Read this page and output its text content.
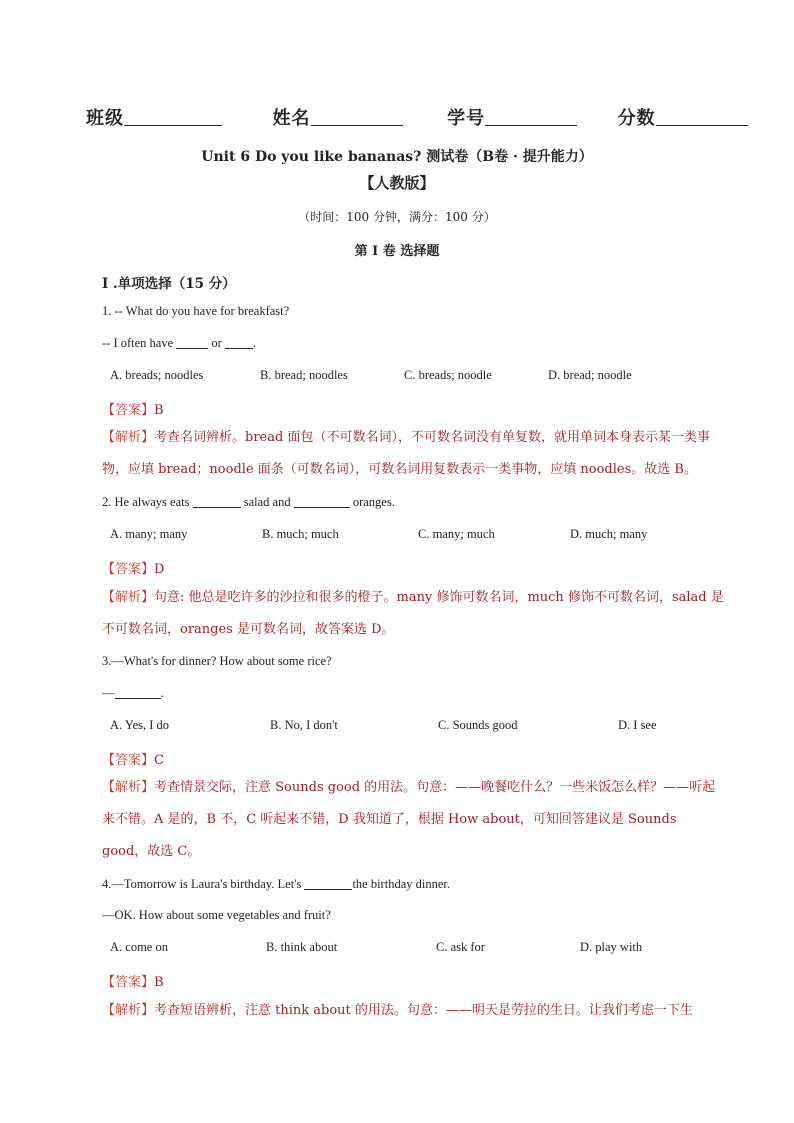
班级	姓名	学号	分数
Unit 6 Do you like bananas? 测试卷（B卷 · 提升能力）
【人教版】
（时间：100 分钟，满分：100 分）
第 I 卷 选择题
I .单项选择（15 分）
1. -- What do you have for breakfast?
-- I often have	or .
A. breads; noodles	B. bread; noodles	C. breads; noodle	D. bread; noodle
【答案】B
【解析】考查名词辨析。bread 面包（不可数名词），不可数名词没有单复数，就用单词本身表示某一类事物，应填 bread；noodle 面条（可数名词），可数名词用复数表示一类事物，应填 noodles。故选 B。
2. He always eats	salad and	oranges.
A. many; many	B. much; much	C. many; much	D. much; many
【答案】D
【解析】句意: 他总是吃许多的沙拉和很多的橙子。many 修饰可数名词，much 修饰不可数名词，salad 是不可数名词，oranges 是可数名词，故答案选 D。
3.—What's for dinner? How about some rice?
—	.
A. Yes, I do	B. No, I don't	C. Sounds good	D. I see
【答案】C
【解析】考查情景交际，注意 Sounds good 的用法。句意：——晚餐吃什么？一些米饭怎么样？——听起来不错。A 是的，B 不，C 听起来不错，D 我知道了，根据 How about，可知回答建议是 Sounds good，故选 C。
4.—Tomorrow is Laura's birthday. Let's	the birthday dinner.
—OK. How about some vegetables and fruit?
A. come on	B. think about	C. ask for	D. play with
【答案】B
【解析】考查短语辨析，注意 think about 的用法。句意：——明天是劳拉的生日。让我们考虑一下生
